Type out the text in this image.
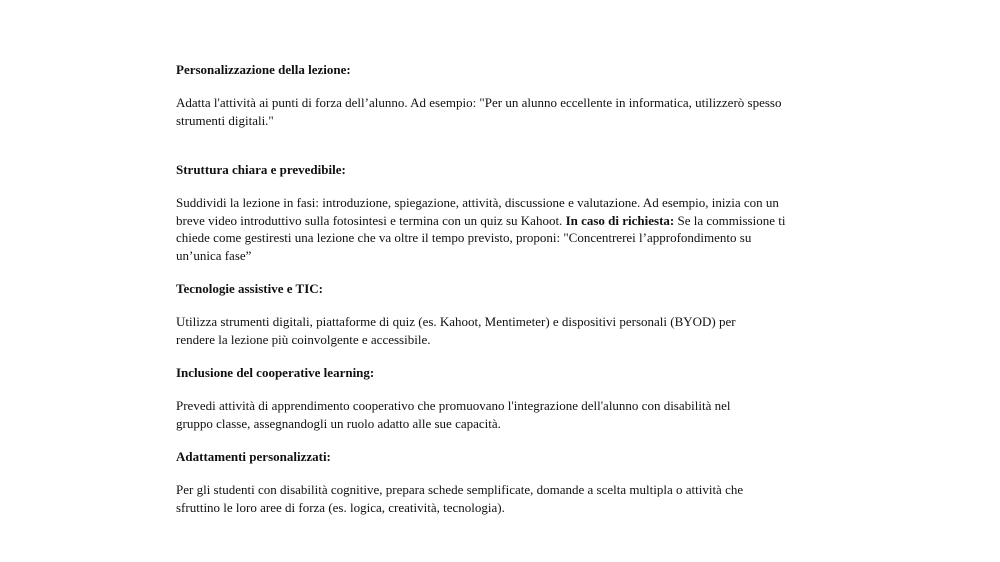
Personalizzazione della lezione:

Adatta l'attività ai punti di forza dell’alunno. Ad esempio: "Per un alunno eccellente in informatica, utilizzerò spesso
strumenti digitali."

Struttura chiara e prevedibile:

Suddividi la lezione in fasi: introduzione, spiegazione, attività, discussione e valutazione. Ad esempio, inizia con un
breve video introduttivo sulla fotosintesi e termina con un quiz su Kahoot. In caso di richiesta: Se la commissione ti
chiede come gestiresti una lezione che va oltre il tempo previsto, proponi: "Concentrerei l’approfondimento su
un’unica fase”

Tecnologie assistive e TIC:

Utilizza strumenti digitali, piattaforme di quiz (es. Kahoot, Mentimeter) e dispositivi personali (BYOD) per
rendere la lezione più coinvolgente e accessibile.

Inclusione del cooperative learning:

Prevedi attività di apprendimento cooperativo che promuovano l'integrazione dell'alunno con disabilità nel
gruppo classe, assegnandogli un ruolo adatto alle sue capacità.

Adattamenti personalizzati:

Per gli studenti con disabilità cognitive, prepara schede semplificate, domande a scelta multipla o attività che
sfruttino le loro aree di forza (es. logica, creatività, tecnologia).
